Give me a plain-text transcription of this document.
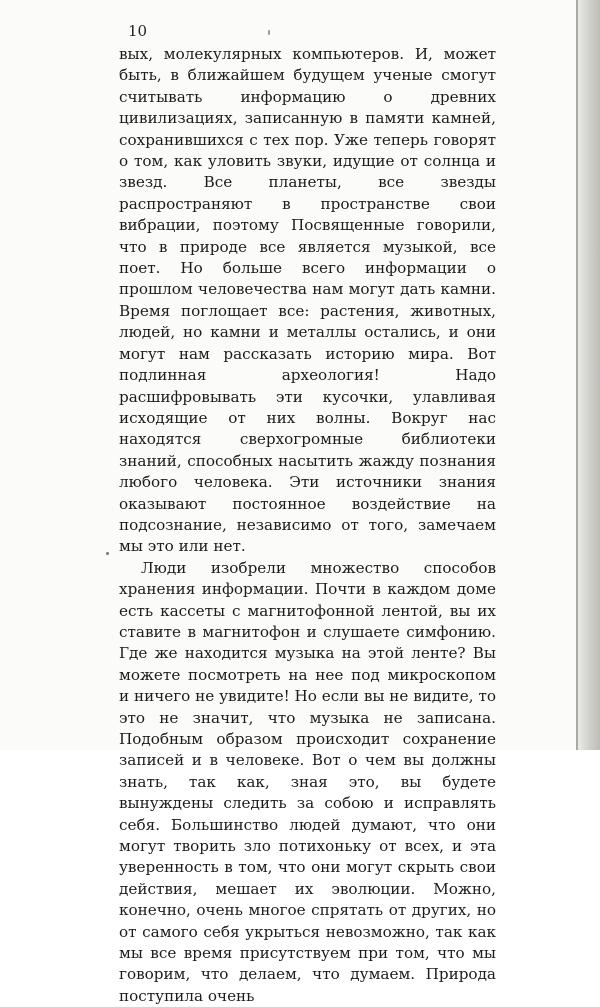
10

вых, молекулярных компьютеров. И, может быть, в ближайшем будущем ученые смогут считывать информацию о древних цивилизациях, записанную в памяти камней, сохранившихся с тех пор. Уже теперь говорят о том, как уловить звуки, идущие от солнца и звезд. Все планеты, все звезды распространяют в пространстве свои вибрации, поэтому Посвященные говорили, что в природе все является музыкой, все поет. Но больше всего информации о прошлом человечества нам могут дать камни. Время поглощает все: растения, животных, людей, но камни и металлы остались, и они могут нам рассказать историю мира. Вот подлинная археология! Надо расшифровывать эти кусочки, улавливая исходящие от них волны. Вокруг нас находятся сверхогромные библиотеки знаний, способных насытить жажду познания любого человека. Эти источники знания оказывают постоянное воздействие на подсознание, независимо от того, замечаем мы это или нет.

Люди изобрели множество способов хранения информации. Почти в каждом доме есть кассеты с магнитофонной лентой, вы их ставите в магнитофон и слушаете симфонию. Где же находится музыка на этой ленте? Вы можете посмотреть на нее под микроскопом и ничего не увидите! Но если вы не видите, то это не значит, что музыка не записана. Подобным образом происходит сохранение записей и в человеке. Вот о чем вы должны знать, так как, зная это, вы будете вынуждены следить за собою и исправлять себя. Большинство людей думают, что они могут творить зло потихоньку от всех, и эта уверенность в том, что они могут скрыть свои действия, мешает их эволюции. Можно, конечно, очень многое спрятать от других, но от самого себя укрыться невозможно, так как мы все время присутствуем при том, что мы говорим, что делаем, что думаем. Природа поступила очень
